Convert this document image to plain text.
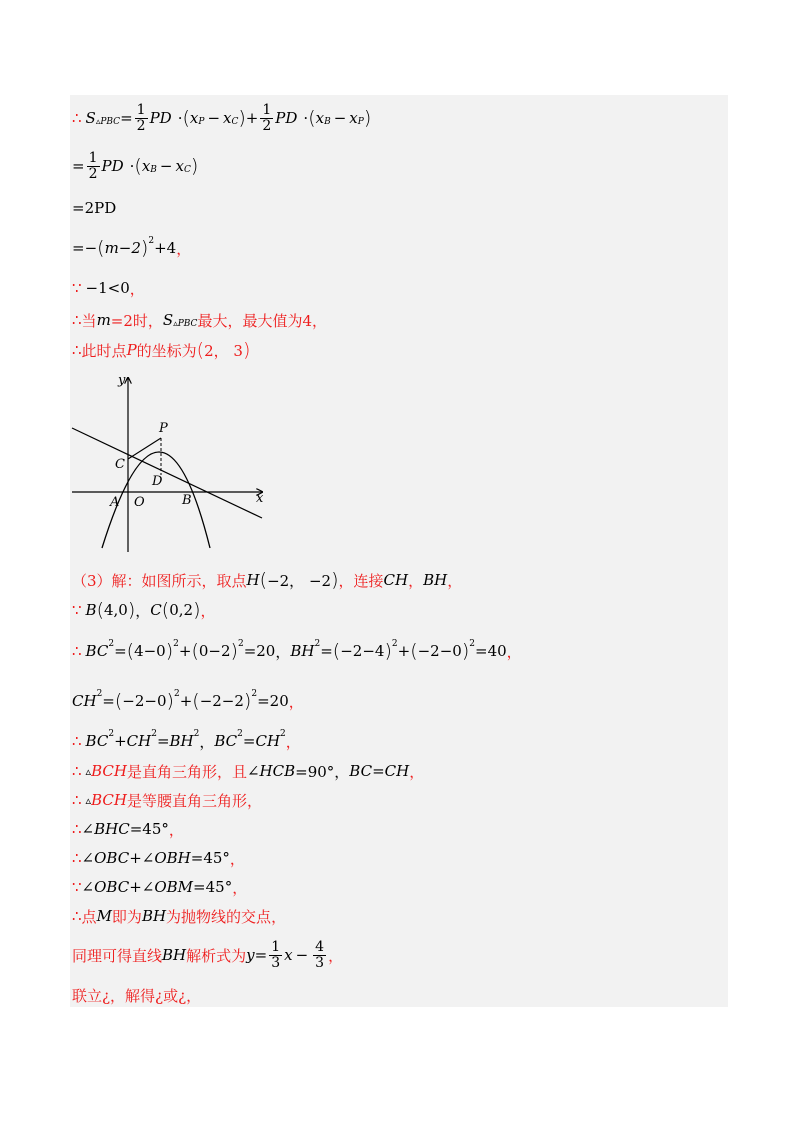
∴ S ▵PBC = $\frac{1}{2}$ PD · ( x P − x C ) + $\frac{1}{2}$ PD · ( x B − x P )
= $\frac{1}{2}$ PD · ( x B − x C )
=2PD
=− ( m−2 ) 2 +4 ，
∵ −1<0 ，
∴ 当 m =2时， S ▵PBC 最大，最大值为4 ，
∴ 此时点 P 的坐标为 ( 2， 3 )
y
x
P
C
D
A O	B
（3）解：如图所示，取点 H ( −2， −2 ) ，连接 CH ， BH ，
∵ B ( 4,0 ) ， C ( 0,2 ) ，
∴ BC 2 = ( 4−0 ) 2 + ( 0−2 ) 2 = 20 ， BH 2 = ( −2−4 ) 2 + ( −2−0 ) 2 = 40 ，
CH 2 = ( −2−0 ) 2 + ( −2−2 ) 2 = 20 ，
∴ BC 2 + CH 2 = BH 2 ， BC 2 = CH 2 ，
∴ ▵ BCH 是直角三角形，且 ∠ HCB =90°， BC = CH ，
∴ ▵ BCH 是等腰直角三角形 ，
∴ ∠ BHC =45° ，
∴ ∠ OBC + ∠ OBH =45° ，
∵ ∠ OBC + ∠ OBM =45° ，
∴ 点 M 即为 BH 为抛物线的交点 ，
同理可得直线 BH 解析式为 $y = \frac{1}{3}$ $x - \frac{4}{3}$ ，
联立¿，解得¿或¿，
